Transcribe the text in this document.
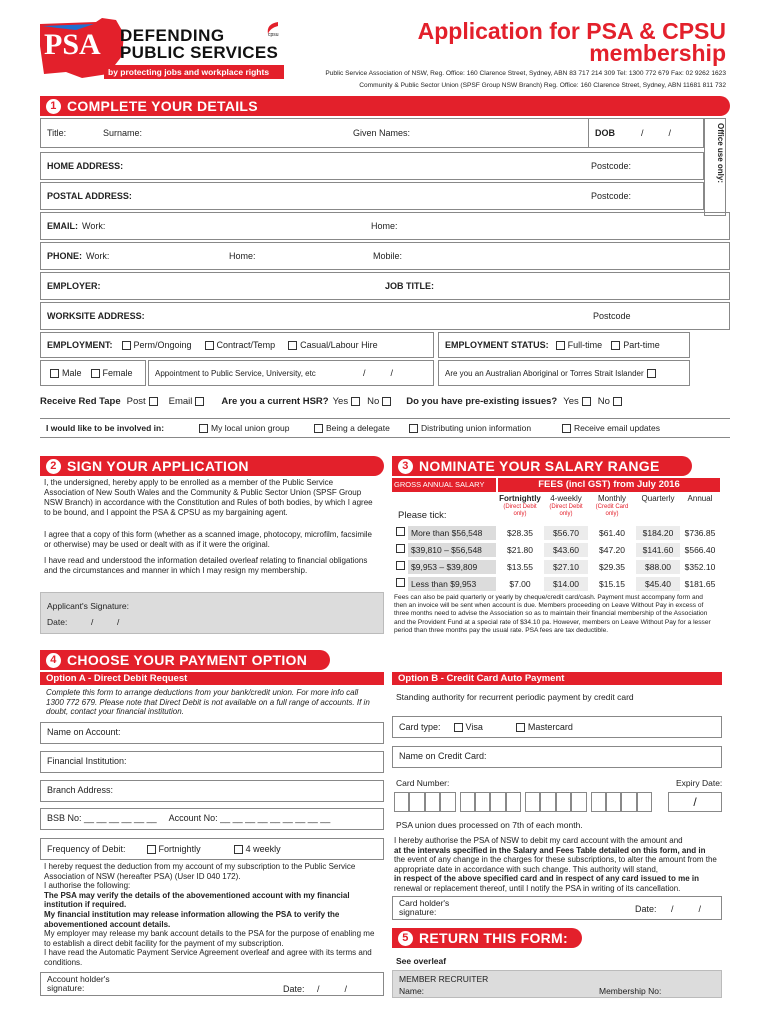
PSA DEFENDING
PUBLIC SERVICES
cpsu
by protecting jobs and workplace rights
Application for PSA & CPSU
membership
Public Service Association of NSW, Reg. Office: 160 Clarence Street, Sydney, ABN 83 717 214 309 Tel: 1300 772 679 Fax: 02 9262 1623
Community & Public Sector Union (SPSF Group NSW Branch) Reg. Office: 160 Clarence Street, Sydney, ABN 11681 811 732
1 COMPLETE YOUR DETAILS
Office use only:
Title:	Surname:	Given Names:	DOB	/          /
HOME ADDRESS:	Postcode:
POSTAL ADDRESS:	Postcode:
EMAIL: Work:	Home:
PHONE: Work:	Home:	Mobile:
EMPLOYER:	JOB TITLE:
WORKSITE ADDRESS:	Postcode
EMPLOYMENT: Perm/Ongoing	Contract/Temp	Casual/Labour Hire	EMPLOYMENT STATUS: Full-time Part-time
Male Female	Appointment to Public Service, University, etc	/          /	Are you an Australian Aboriginal or Torres Strait Islander
Receive Red Tape Post Email	Are you a current HSR? Yes No	Do you have pre-existing issues? Yes No
I would like to be involved in:	My local union group	Being a delegate	Distributing union information	Receive email updates
2 SIGN YOUR APPLICATION
I, the undersigned, hereby apply to be enrolled as a member of the Public Service Association of New South Wales and the Community & Public Sector Union (SPSF Group NSW Branch) in accordance with the Constitution and Rules of both bodies, by which I agree to be bound, and I appoint the PSA & CPSU as my bargaining agent.
I agree that a copy of this form (whether as a scanned image, photocopy, microfilm, facsimile or otherwise) may be used or dealt with as if it were the original.
I have read and understood the information detailed overleaf relating to financial obligations and the circumstances and manner in which I may resign my membership.
Applicant's Signature:
Date:	/          /
3 NOMINATE YOUR SALARY RANGE
GROSS ANNUAL SALARY	FEES (incl GST) from July 2016
Please tick:
Fortnightly
(Direct Debit only)
4-weekly
(Direct Debit only)
Monthly
(Credit Card only)
Quarterly	Annual
More than $56,548	$28.35	$56.70	$61.40	$184.20	$736.85
$39,810 – $56,548	$21.80	$43.60	$47.20	$141.60	$566.40
$9,953 – $39,809	$13.55	$27.10	$29.35	$88.00	$352.10
Less than $9,953	$7.00	$14.00	$15.15	$45.40	$181.65
Fees can also be paid quarterly or yearly by cheque/credit card/cash. Payment must accompany form and then an invoice will be sent when account is due. Members proceeding on Leave Without Pay in excess of three months need to advise the Association so as to maintain their financial membership of the Association and the Provident Fund at a special rate of $34.10 pa. However, members on Leave Without Pay for a lesser period than three months pay the usual rate. PSA fees are tax deductible.
4 CHOOSE YOUR PAYMENT OPTION
Option A - Direct Debit Request
Complete this form to arrange deductions from your bank/credit union. For more info call 1300 772 679. Please note that Direct Debit is not available on a full range of accounts. If in doubt, contact your financial institution.
Name on Account:
Financial Institution:
Branch Address:
BSB No: __ __ __ __ __ __ Account No: __ __ __ __ __ __ __ __ __
Frequency of Debit:	Fortnightly	4 weekly
I hereby request the deduction from my account of my subscription to the Public Service Association of NSW (hereafter PSA) (User ID 040 172).
I authorise the following:
The PSA may verify the details of the abovementioned account with my financial institution if required.
My financial institution may release information allowing the PSA to verify the abovementioned account details.
My employer may release my bank account details to the PSA for the purpose of enabling me to establish a direct debit facility for the payment of my subscription.
I have read the Automatic Payment Service Agreement overleaf and agree with its terms and conditions.
Account holder's signature:	Date: /          /
Option B - Credit Card Auto Payment
Standing authority for recurrent periodic payment by credit card
Card type:	Visa	Mastercard
Name on Credit Card:
Card Number:	Expiry Date:
/
PSA union dues processed on 7th of each month.
I hereby authorise the PSA of NSW to debit my card account with the amount and
at the intervals specified in the Salary and Fees Table detailed on this form, and in
the event of any change in the charges for these subscriptions, to alter the amount from the appropriate date in accordance with such change. This authority will stand,
in respect of the above specified card and in respect of any card issued to me in
renewal or replacement thereof, until I notify the PSA in writing of its cancellation.
Card holder's signature:	Date: /          /
5 RETURN THIS FORM:
See overleaf
MEMBER RECRUITER
Name:	Membership No:
